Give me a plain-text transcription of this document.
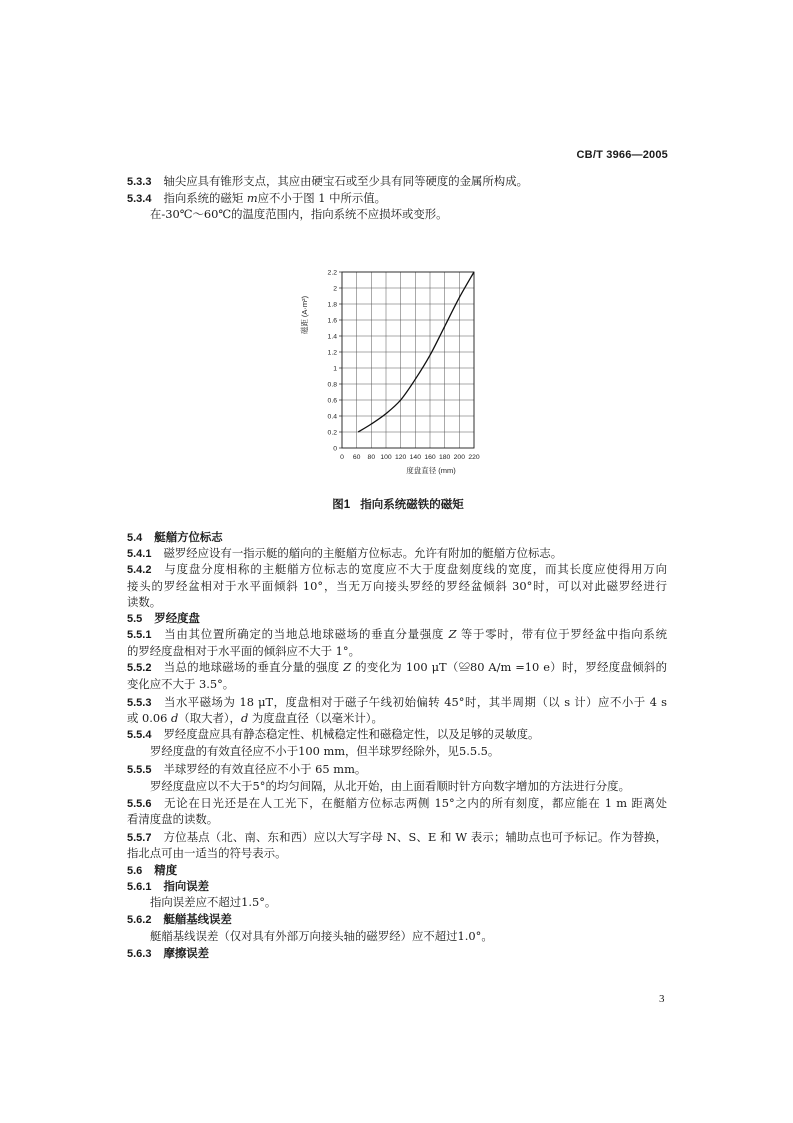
CB/T 3966—2005
5.3.3 轴尖应具有锥形支点，其应由硬宝石或至少具有同等硬度的金属所构成。
5.3.4 指向系统的磁矩 m应不小于图 1 中所示值。
在-30℃～60℃的温度范围内，指向系统不应损坏或变形。
0
0.2
0.4
0.6
0.8
1
1.2
1.4
1.6
1.8
2
2.2
0 60 80 100 120 140 160 180 200 220
度盘直径 (mm)
磁距 (A·m²)
图1 指向系统磁铁的磁矩
5.4 艇艏方位标志
5.4.1 磁罗经应设有一指示艇的艏向的主艇艏方位标志。允许有附加的艇艏方位标志。
5.4.2 与度盘分度相称的主艇艏方位标志的宽度应不大于度盘刻度线的宽度，而其长度应使得用万向
接头的罗经盆相对于水平面倾斜 10°，当无万向接头罗经的罗经盆倾斜 30°时，可以对此磁罗经进行
读数。
5.5 罗经度盘
5.5.1 当由其位置所确定的当地总地球磁场的垂直分量强度 Z 等于零时，带有位于罗经盆中指向系统
的罗经度盘相对于水平面的倾斜应不大于 1°。
5.5.2 当总的地球磁场的垂直分量的强度 Z 的变化为 100 μT（≌80 A/m =10 e）时，罗经度盘倾斜的
变化应不大于 3.5°。
5.5.3 当水平磁场为 18 μT，度盘相对于磁子午线初始偏转 45°时，其半周期（以 s 计）应不小于 4 s
或 0.06 d（取大者），d 为度盘直径（以毫米计）。
5.5.4 罗经度盘应具有静态稳定性、机械稳定性和磁稳定性，以及足够的灵敏度。
罗经度盘的有效直径应不小于100 mm，但半球罗经除外，见5.5.5。
5.5.5 半球罗经的有效直径应不小于 65 mm。
罗经度盘应以不大于5°的均匀间隔，从北开始，由上面看顺时针方向数字增加的方法进行分度。
5.5.6 无论在日光还是在人工光下，在艇艏方位标志两侧 15°之内的所有刻度，都应能在 1 m 距离处
看清度盘的读数。
5.5.7 方位基点（北、南、东和西）应以大写字母 N、S、E 和 W 表示；辅助点也可予标记。作为替换，
指北点可由一适当的符号表示。
5.6 精度
5.6.1 指向误差
指向误差应不超过1.5°。
5.6.2 艇艏基线误差
艇艏基线误差（仅对具有外部万向接头轴的磁罗经）应不超过1.0°。
5.6.3 摩擦误差
3
